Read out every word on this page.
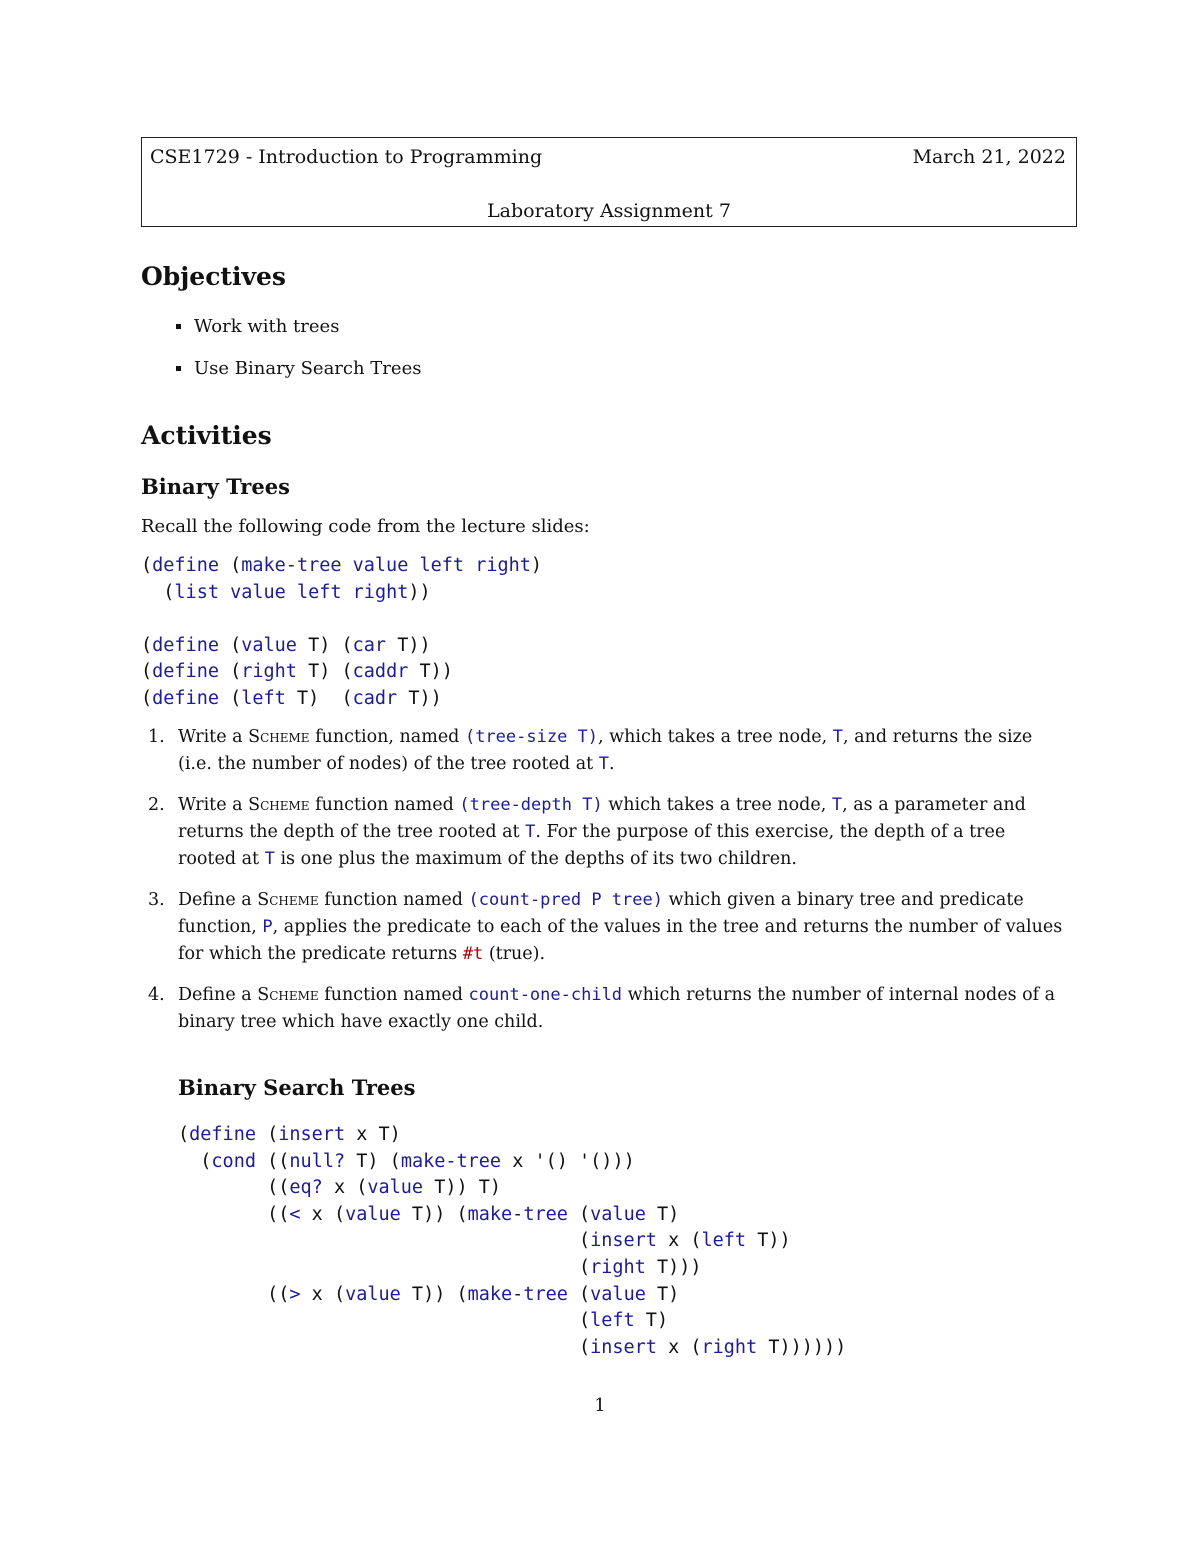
CSE1729 - Introduction to Programming	March 21, 2022
Laboratory Assignment 7
Objectives
Work with trees
Use Binary Search Trees
Activities
Binary Trees
Recall the following code from the lecture slides:
(define (make-tree value left right)
(list value left right))

(define (value T) (car T))
(define (right T) (caddr T))
(define (left T)  (cadr T))
1. Write a Scheme function, named (tree-size T), which takes a tree node, T, and returns the size (i.e. the number of nodes) of the tree rooted at T.
2. Write a Scheme function named (tree-depth T) which takes a tree node, T, as a parameter and returns the depth of the tree rooted at T. For the purpose of this exercise, the depth of a tree rooted at T is one plus the maximum of the depths of its two children.
3. Define a Scheme function named (count-pred P tree) which given a binary tree and predicate function, P, applies the predicate to each of the values in the tree and returns the number of values for which the predicate returns #t (true).
4. Define a Scheme function named count-one-child which returns the number of internal nodes of a binary tree which have exactly one child.
Binary Search Trees
(define (insert x T)
(cond ((null? T) (make-tree x '() '()))
((eq? x (value T)) T)
((< x (value T)) (make-tree (value T)
(insert x (left T))
(right T)))
((> x (value T)) (make-tree (value T)
(left T)
(insert x (right T))))))
1
